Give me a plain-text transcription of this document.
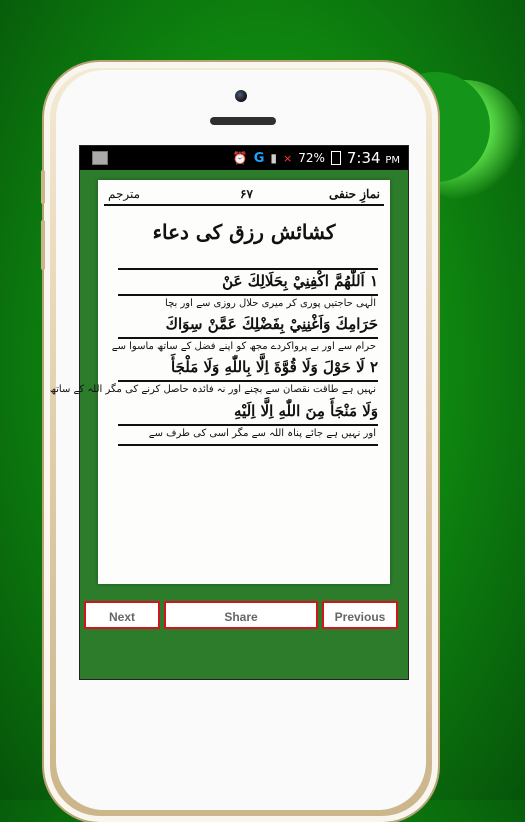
⏰ G ▮ × 72% 7:34 PM
مترجم	۶۷	نمازِ حنفی
کشائش رزق کی دعاء
١ اَللّٰهُمَّ اكْفِنِيْ بِحَلَالِكَ عَنْ
الٰہی حاجتیں پوری کر میری حلال روزی سے اور بچا
حَرَامِكَ وَاَغْنِنِيْ بِفَضْلِكَ عَمَّنْ سِوَاكَ
حرام سے اور بے پرواکردے مجھ کو اپنے فضل کے ساتھ ماسوا سے
٢ لَا حَوْلَ وَلَا قُوَّةَ اِلَّا بِاللّٰهِ وَلَا مَلْجَأَ
نہیں ہے طاقت نقصان سے بچنے اور نہ فائدہ حاصل کرنے کی مگر اللہ کے ساتھ
وَلَا مَنْجَأَ مِنَ اللّٰهِ اِلَّا اِلَيْهِ
اور نہیں ہے جائے پناہ اللہ سے مگر اسی کی طرف سے
Next	Share	Previous
